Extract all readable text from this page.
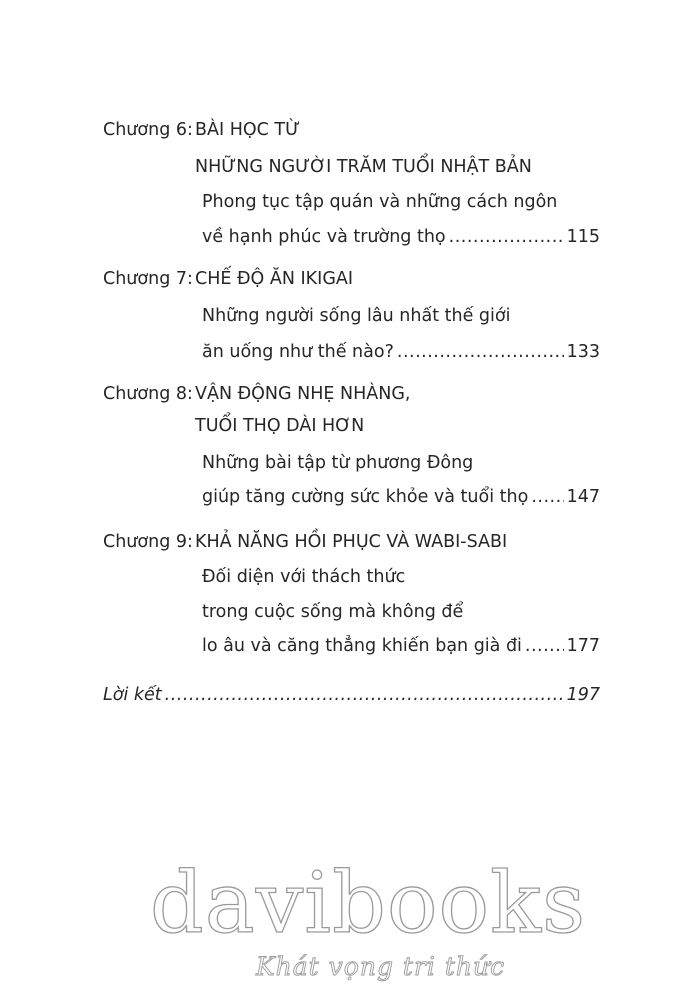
Chương 6: BÀI HỌC TỪ
NHỮNG NGƯỜI TRĂM TUỔI NHẬT BẢN
Phong tục tập quán và những cách ngôn
về hạnh phúc và trường thọ .....	115
Chương 7: CHẾ ĐỘ ĂN IKIGAI
Những người sống lâu nhất thế giới
ăn uống như thế nào? .....	133
Chương 8: VẬN ĐỘNG NHẸ NHÀNG,
TUỔI THỌ DÀI HƠN
Những bài tập từ phương Đông
giúp tăng cường sức khỏe và tuổi thọ ..... 147
Chương 9: KHẢ NĂNG HỒI PHỤC VÀ WABI-SABI
Đối diện với thách thức
trong cuộc sống mà không để
lo âu và căng thẳng khiến bạn già đi .....	177
Lời kết .....	197
davibooks
Khát vọng tri thức
